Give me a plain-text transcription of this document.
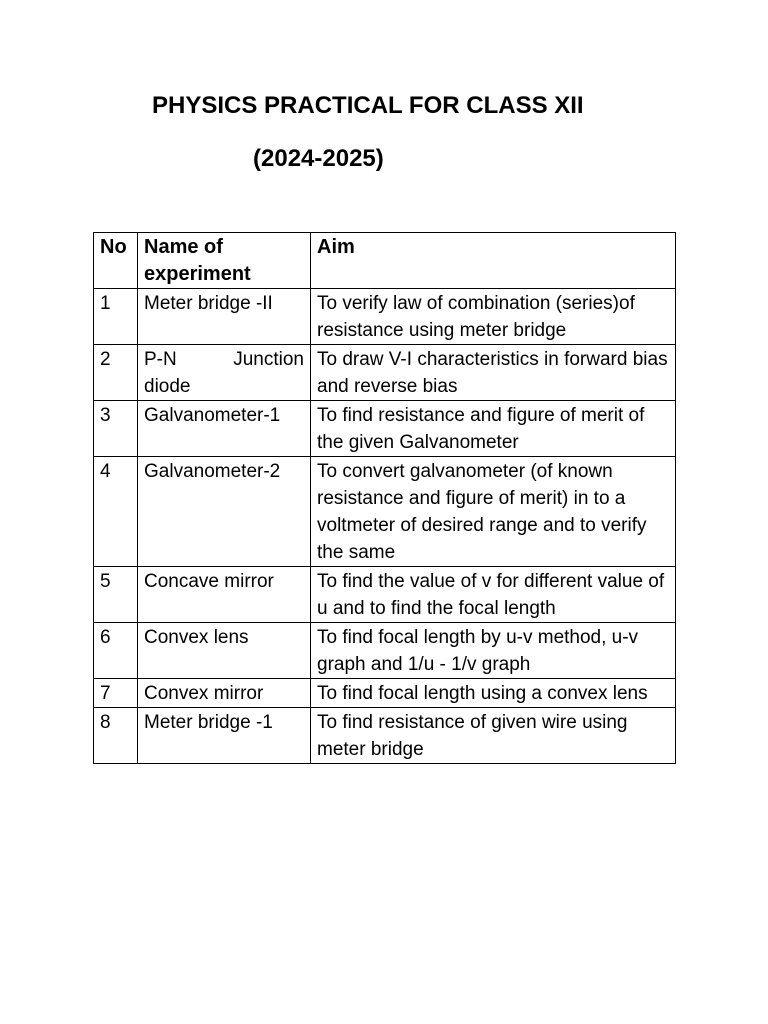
PHYSICS PRACTICAL FOR CLASS XII
(2024-2025)
No	Name of experiment	Aim
1	Meter bridge -II	To verify law of combination (series)of resistance using meter bridge
2	P-N Junction diode	To draw V-I characteristics in forward bias and reverse bias
3	Galvanometer-1	To find resistance and figure of merit of the given Galvanometer
4	Galvanometer-2	To convert galvanometer (of known resistance and figure of merit) in to a voltmeter of desired range and to verify the same
5	Concave mirror	To find the value of v for different value of u and to find the focal length
6	Convex lens	To find focal length by u-v method, u-v graph and 1/u - 1/v graph
7	Convex mirror	To find focal length using a convex lens
8	Meter bridge -1	To find resistance of given wire using meter bridge
